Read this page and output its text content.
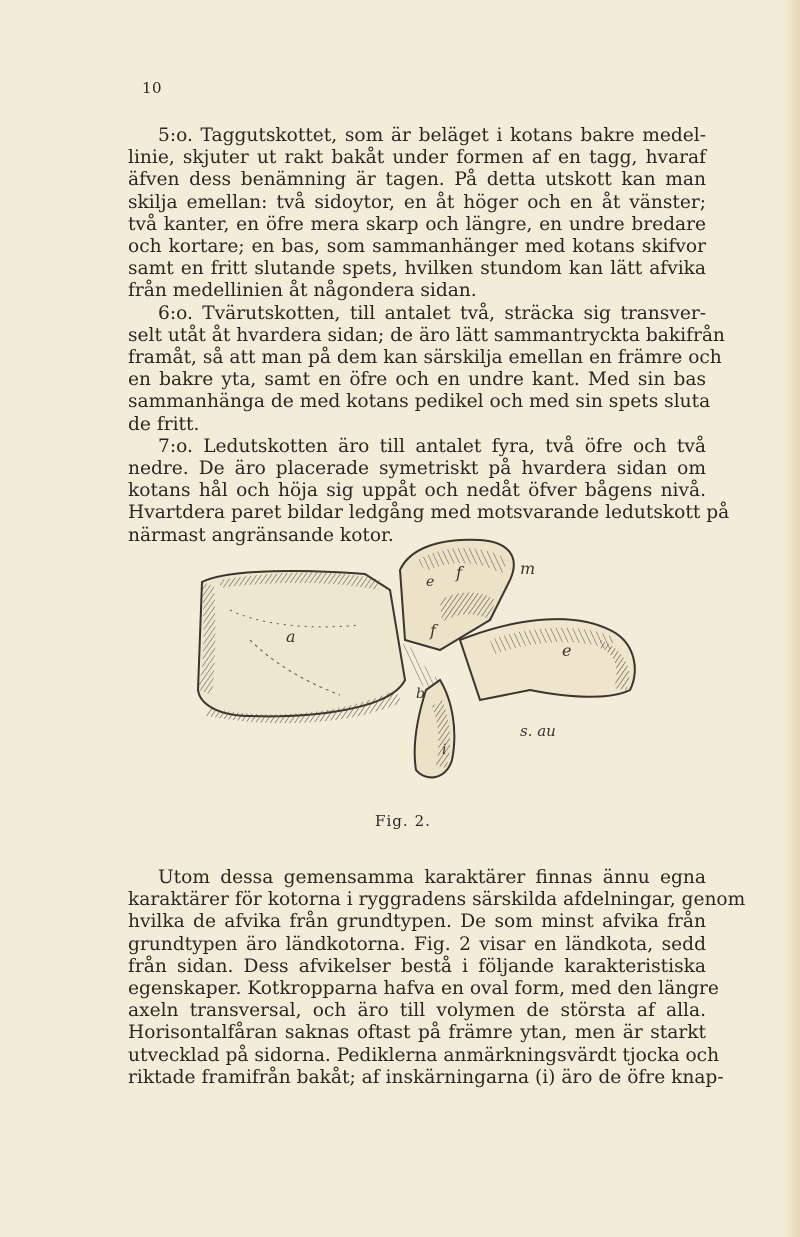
10
5:o. Taggutskottet, som är beläget i kotans bakre medel-
linie, skjuter ut rakt bakåt under formen af en tagg, hvaraf
äfven dess benämning är tagen. På detta utskott kan man
skilja emellan: två sidoytor, en åt höger och en åt vänster;
två kanter, en öfre mera skarp och längre, en undre bredare
och kortare; en bas, som sammanhänger med kotans skifvor
samt en fritt slutande spets, hvilken stundom kan lätt afvika
från medellinien åt någondera sidan.
6:o. Tvärutskotten, till antalet två, sträcka sig transver-
selt utåt åt hvardera sidan; de äro lätt sammantryckta bakifrån
framåt, så att man på dem kan särskilja emellan en främre och
en bakre yta, samt en öfre och en undre kant. Med sin bas
sammanhänga de med kotans pedikel och med sin spets sluta
de fritt.
7:o. Ledutskotten äro till antalet fyra, två öfre och två
nedre. De äro placerade symetriskt på hvardera sidan om
kotans hål och höja sig uppåt och nedåt öfver bågens nivå.
Hvartdera paret bildar ledgång med motsvarande ledutskott på
närmast angränsande kotor.
a
e f
f
m
b
e
i
s. au
Fig. 2.
Utom dessa gemensamma karaktärer finnas ännu egna
karaktärer för kotorna i ryggradens särskilda afdelningar, genom
hvilka de afvika från grundtypen. De som minst afvika från
grundtypen äro ländkotorna. Fig. 2 visar en ländkota, sedd
från sidan. Dess afvikelser bestå i följande karakteristiska
egenskaper. Kotkropparna hafva en oval form, med den längre
axeln transversal, och äro till volymen de största af alla.
Horisontalfåran saknas oftast på främre ytan, men är starkt
utvecklad på sidorna. Pediklerna anmärkningsvärdt tjocka och
riktade framifrån bakåt; af inskärningarna (i) äro de öfre knap-
